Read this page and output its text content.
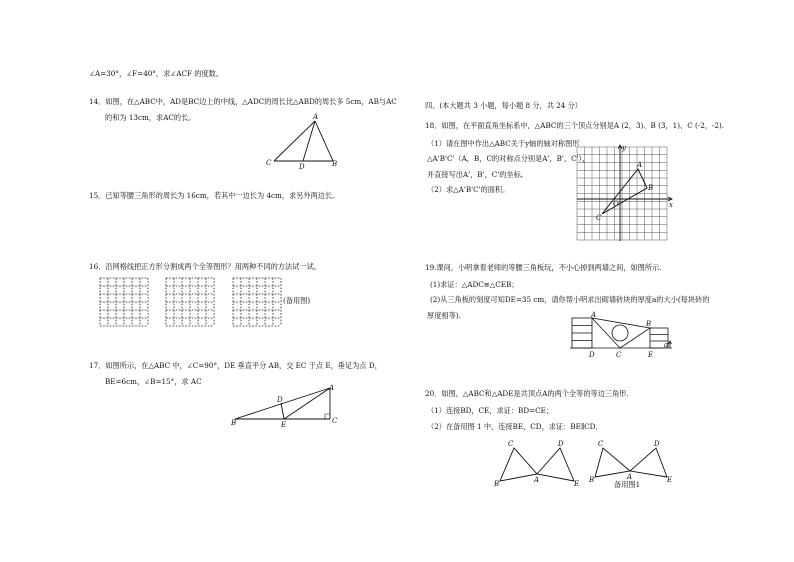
∠A=30°，∠F=40°，求∠ACF 的度数。
14．如图，在△ABC中，AD是BC边上的中线，△ADC的周长比△ABD的周长多 5cm，AB与AC
的和为 13cm，求AC的长。	A
C	D	B
15．已知等腰三角形的周长为 16cm，若其中一边长为 4cm，求另外两边长。
16．沿网格线把正方形分割成两个全等图形？用两种不同的方法试一试。
(备用图)
17．如图所示，在△ABC 中，∠C=90°，DE 垂直平分 AB，交 EC 于点 E，垂足为点 D，
BE=6cm，∠B=15°，求 AC
A
B	C
D
E
四、(本大题共 3 小题，每小题 8 分，共 24 分）
18．如图，在平面直角坐标系中，△ABC的三个顶点分别是A (2，3)、B (3，1)、C (-2，-2).
（1）请在图中作出△ABC关于y轴的轴对称图形
△A'B'C'（A，B，C的对称点分别是A'，B'，C'），
并直接写出A'，B'，C'的坐标。
（2）求△A'B'C'的面积。
x
y
O
A
B
C
19.课间，小明拿着老师的等腰三角板玩，不小心掉到两墙之间，如图所示.
(1)求证：△ADC≌△CEB；
(2)从三角板的刻度可知DE=35 cm，请你帮小明求出砌墙砖块的厚度a的大小(每块砖的
厚度相等).	A
B
D	C	E
a
20．如图，△ABC和△ADE是共顶点A的两个全等的等边三角形．
（1）连接BD，CE，求证：BD=CE；
（2）在备用图 1 中，连接BE，CD，求证：BE∥CD．
C
B	A
D
E
C
B	A
D
E
备用图1
